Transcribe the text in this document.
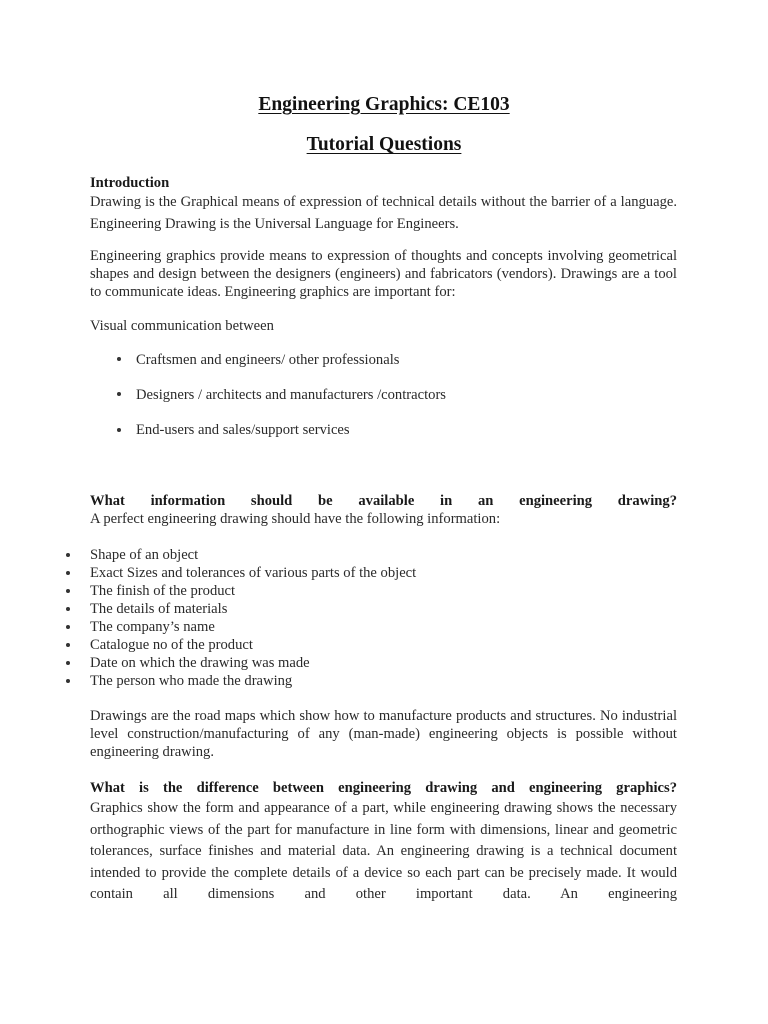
Engineering Graphics: CE103
Tutorial Questions
Introduction
Drawing is the Graphical means of expression of technical details without the barrier of a language. Engineering Drawing is the Universal Language for Engineers.
Engineering graphics provide means to expression of thoughts and concepts involving geometrical shapes and design between the designers (engineers) and fabricators (vendors). Drawings are a tool to communicate ideas. Engineering graphics are important for:
Visual communication between
Craftsmen and engineers/ other professionals
Designers / architects and manufacturers /contractors
End-users and sales/support services
What information should be available in an engineering drawing?
A perfect engineering drawing should have the following information:
Shape of an object
Exact Sizes and tolerances of various parts of the object
The finish of the product
The details of materials
The company’s name
Catalogue no of the product
Date on which the drawing was made
The person who made the drawing
Drawings are the road maps which show how to manufacture products and structures. No industrial level construction/manufacturing of any (man-made) engineering objects is possible without engineering drawing.
What is the difference between engineering drawing and engineering graphics?
Graphics show the form and appearance of a part, while engineering drawing shows the necessary orthographic views of the part for manufacture in line form with dimensions, linear and geometric tolerances, surface finishes and material data. An engineering drawing is a technical document intended to provide the complete details of a device so each part can be precisely made. It would contain all dimensions and other important data. An engineering
